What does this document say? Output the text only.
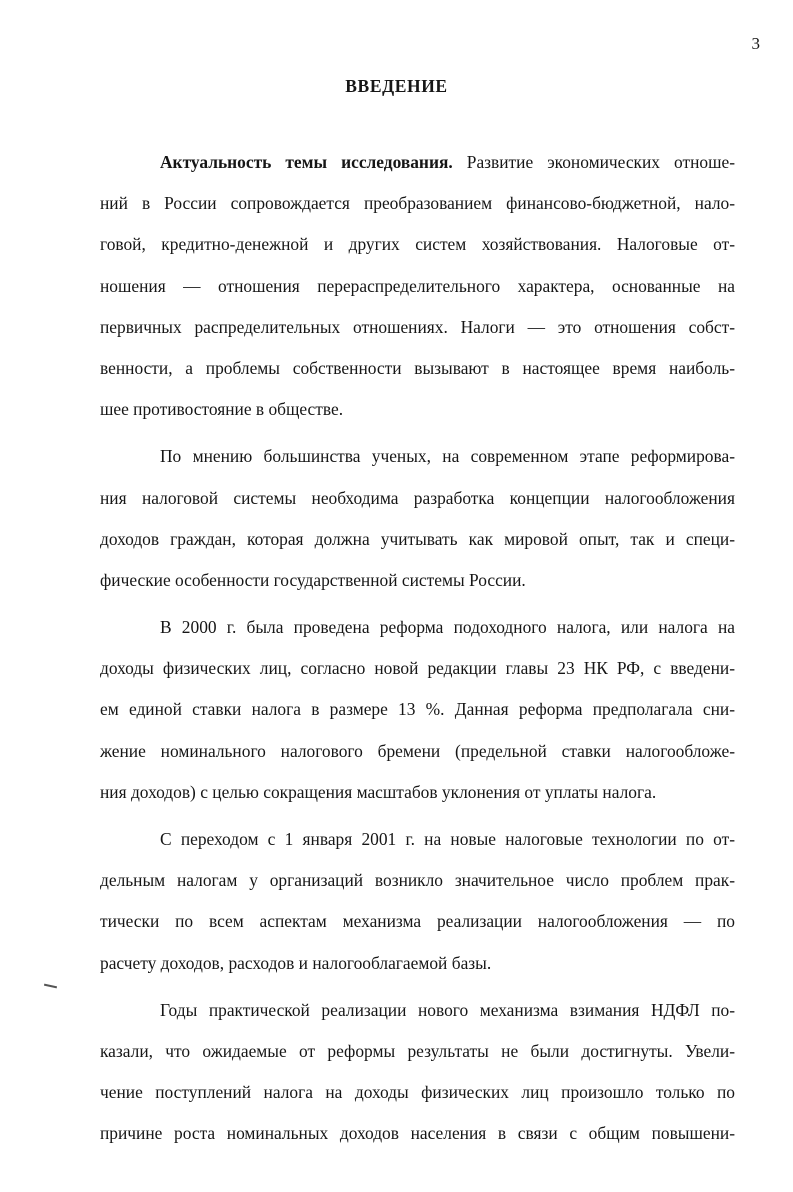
3
ВВЕДЕНИЕ
Актуальность темы исследования. Развитие экономических отноше-
ний в России сопровождается преобразованием финансово-бюджетной, нало-
говой, кредитно-денежной и других систем хозяйствования. Налоговые от-
ношения — отношения перераспределительного характера, основанные на
первичных распределительных отношениях. Налоги — это отношения собст-
венности, а проблемы собственности вызывают в настоящее время наиболь-
шее противостояние в обществе.
По мнению большинства ученых, на современном этапе реформирова-
ния налоговой системы необходима разработка концепции налогообложения
доходов граждан, которая должна учитывать как мировой опыт, так и специ-
фические особенности государственной системы России.
В 2000 г. была проведена реформа подоходного налога, или налога на
доходы физических лиц, согласно новой редакции главы 23 НК РФ, с введени-
ем единой ставки налога в размере 13 %. Данная реформа предполагала сни-
жение номинального налогового бремени (предельной ставки налогообложе-
ния доходов) с целью сокращения масштабов уклонения от уплаты налога.
С переходом с 1 января 2001 г. на новые налоговые технологии по от-
дельным налогам у организаций возникло значительное число проблем прак-
тически по всем аспектам механизма реализации налогообложения — по
расчету доходов, расходов и налогооблагаемой базы.
Годы практической реализации нового механизма взимания НДФЛ по-
казали, что ожидаемые от реформы результаты не были достигнуты. Увели-
чение поступлений налога на доходы физических лиц произошло только по
причине роста номинальных доходов населения в связи с общим повышени-
